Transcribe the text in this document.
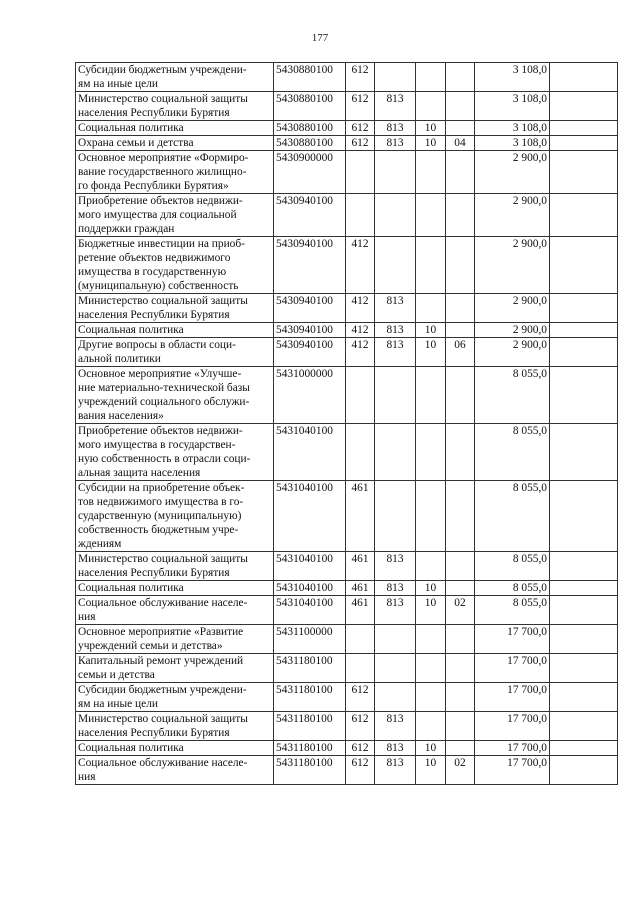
177
Субсидии бюджетным учреждени-
ям на иные цели	5430880100	612				3 108,0	
Министерство социальной защиты
населения Республики Бурятия	5430880100	612	813			3 108,0	
Социальная политика	5430880100	612	813	10		3 108,0	
Охрана семьи и детства	5430880100	612	813	10	04	3 108,0	
Основное мероприятие «Формиро-
вание государственного жилищно-
го фонда Республики Бурятия»	5430900000					2 900,0	
Приобретение объектов недвижи-
мого имущества для социальной
поддержки граждан	5430940100					2 900,0	
Бюджетные инвестиции на приоб-
ретение объектов недвижимого
имущества в государственную
(муниципальную) собственность	5430940100	412				2 900,0	
Министерство социальной защиты
населения Республики Бурятия	5430940100	412	813			2 900,0	
Социальная политика	5430940100	412	813	10		2 900,0	
Другие вопросы в области соци-
альной политики	5430940100	412	813	10	06	2 900,0	
Основное мероприятие «Улучше-
ние материально-технической базы
учреждений социального обслужи-
вания населения»	5431000000					8 055,0	
Приобретение объектов недвижи-
мого имущества в государствен-
ную собственность в отрасли соци-
альная защита населения	5431040100					8 055,0	
Субсидии на приобретение объек-
тов недвижимого имущества в го-
сударственную (муниципальную)
собственность бюджетным учре-
ждениям	5431040100	461				8 055,0	
Министерство социальной защиты
населения Республики Бурятия	5431040100	461	813			8 055,0	
Социальная политика	5431040100	461	813	10		8 055,0	
Социальное обслуживание населе-
ния	5431040100	461	813	10	02	8 055,0	
Основное мероприятие «Развитие
учреждений семьи и детства»	5431100000					17 700,0	
Капитальный ремонт учреждений
семьи и детства	5431180100					17 700,0	
Субсидии бюджетным учреждени-
ям на иные цели	5431180100	612				17 700,0	
Министерство социальной защиты
населения Республики Бурятия	5431180100	612	813			17 700,0	
Социальная политика	5431180100	612	813	10		17 700,0	
Социальное обслуживание населе-
ния	5431180100	612	813	10	02	17 700,0	
